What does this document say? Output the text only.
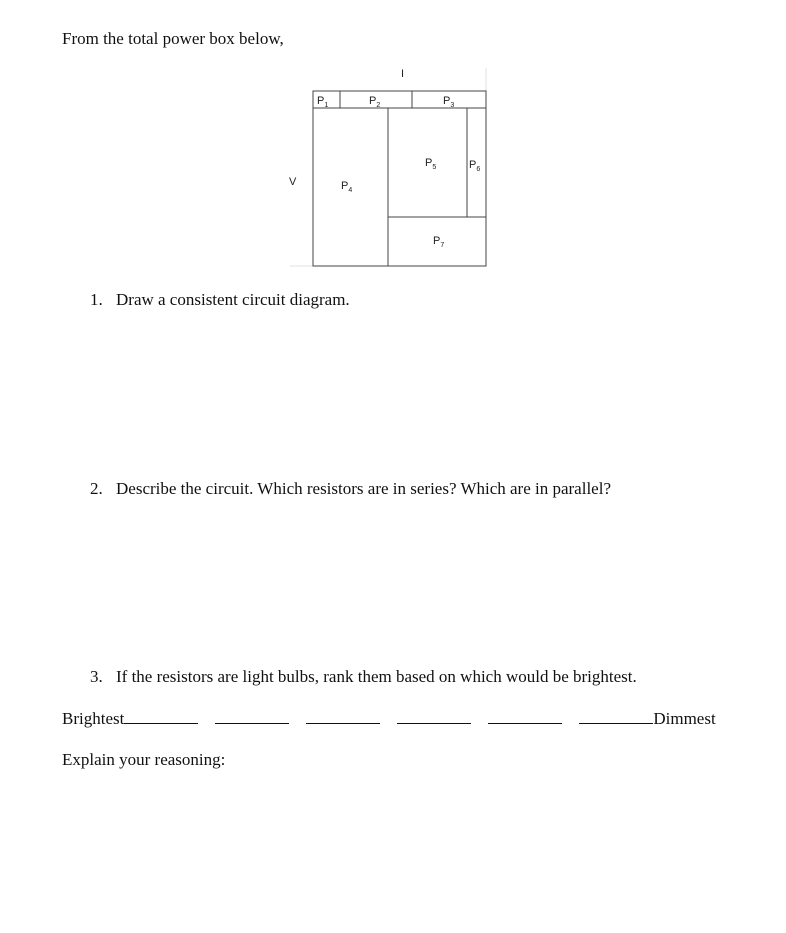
From the total power box below,
I
V
P1	P2	P3
P4
P5	P6
P7
1. Draw a consistent circuit diagram.
2. Describe the circuit. Which resistors are in series? Which are in parallel?
3. If the resistors are light bulbs, rank them based on which would be brightest.
Brightest	Dimmest
Explain your reasoning:
